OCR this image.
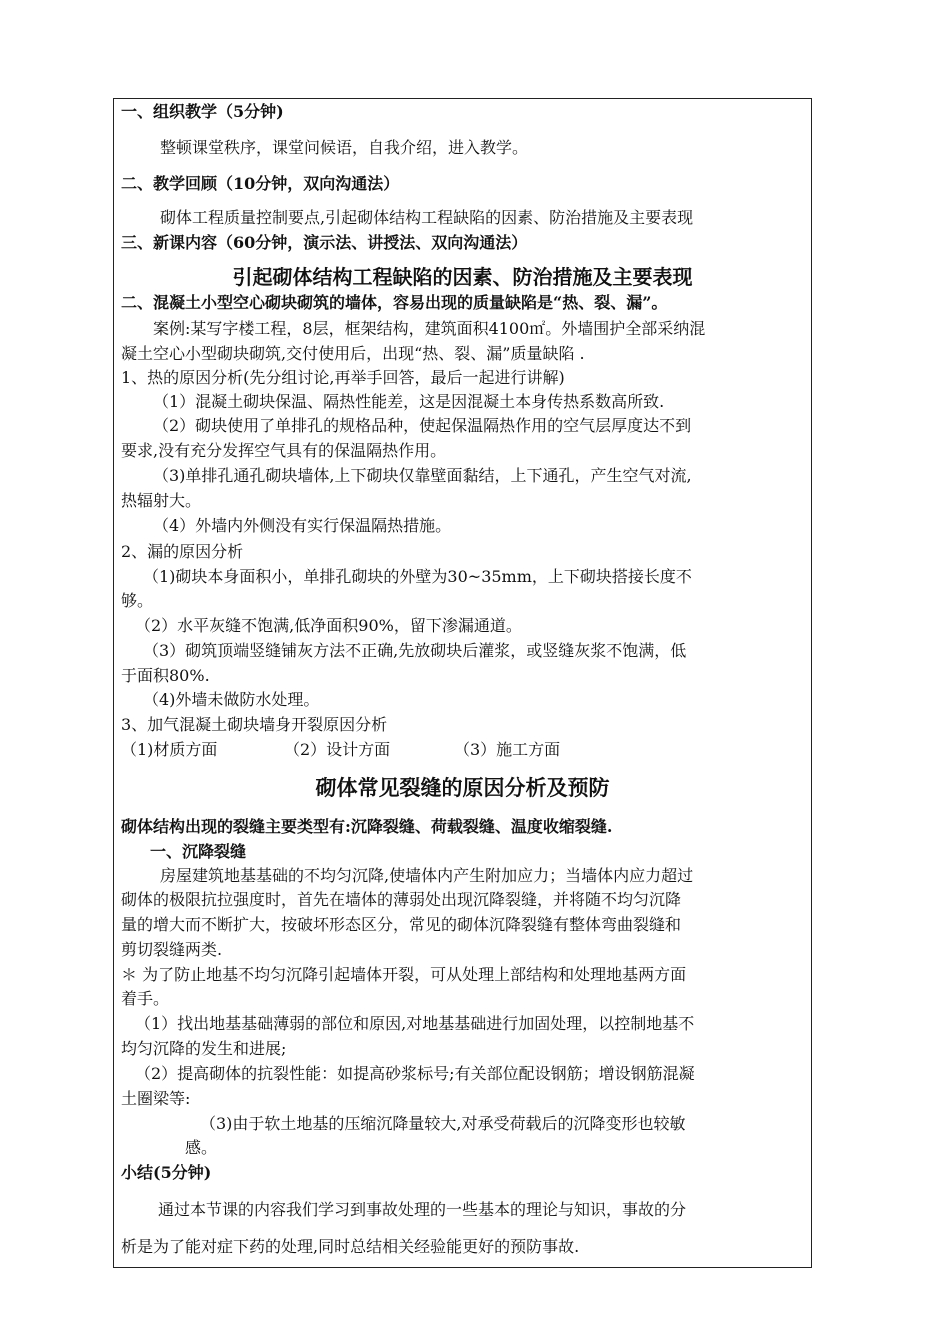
一、组织教学（5分钟)
整顿课堂秩序，课堂问候语，自我介绍，进入教学。
二、教学回顾（10分钟，双向沟通法）
砌体工程质量控制要点,引起砌体结构工程缺陷的因素、防治措施及主要表现
三、新课内容（60分钟，演示法、讲授法、双向沟通法）
引起砌体结构工程缺陷的因素、防治措施及主要表现
二、混凝土小型空心砌块砌筑的墙体，容易出现的质量缺陷是“热、裂、漏”。
案例:某写字楼工程，8层，框架结构，建筑面积4100㎡。外墙围护全部采纳混
凝土空心小型砌块砌筑,交付使用后，出现“热、裂、漏”质量缺陷 .
1、热的原因分析(先分组讨论,再举手回答，最后一起进行讲解)
（1）混凝土砌块保温、隔热性能差，这是因混凝土本身传热系数高所致.
（2）砌块使用了单排孔的规格品种，使起保温隔热作用的空气层厚度达不到
要求,没有充分发挥空气具有的保温隔热作用。
（3)单排孔通孔砌块墙体,上下砌块仅靠壁面黏结，上下通孔，产生空气对流,
热辐射大。
（4）外墙内外侧没有实行保温隔热措施。
2、漏的原因分析
（1)砌块本身面积小，单排孔砌块的外壁为30~35mm，上下砌块搭接长度不
够。
（2）水平灰缝不饱满,低净面积90%，留下渗漏通道。
（3）砌筑顶端竖缝铺灰方法不正确,先放砌块后灌浆，或竖缝灰浆不饱满，低
于面积80%.
（4)外墙未做防水处理。
3、加气混凝土砌块墙身开裂原因分析
（1)材质方面	（2）设计方面	（3）施工方面
砌体常见裂缝的原因分析及预防
砌体结构出现的裂缝主要类型有:沉降裂缝、荷载裂缝、温度收缩裂缝.
一、沉降裂缝
房屋建筑地基基础的不均匀沉降,使墙体内产生附加应力；当墙体内应力超过
砌体的极限抗拉强度时，首先在墙体的薄弱处出现沉降裂缝，并将随不均匀沉降
量的增大而不断扩大，按破坏形态区分，常见的砌体沉降裂缝有整体弯曲裂缝和
剪切裂缝两类.
＊ 为了防止地基不均匀沉降引起墙体开裂，可从处理上部结构和处理地基两方面
着手。
（1）找出地基基础薄弱的部位和原因,对地基基础进行加固处理，以控制地基不
均匀沉降的发生和进展;
（2）提高砌体的抗裂性能：如提高砂浆标号;有关部位配设钢筋；增设钢筋混凝
土圈梁等:
（3)由于软土地基的压缩沉降量较大,对承受荷载后的沉降变形也较敏
感。
小结(5分钟)
通过本节课的内容我们学习到事故处理的一些基本的理论与知识，事故的分
析是为了能对症下药的处理,同时总结相关经验能更好的预防事故.
